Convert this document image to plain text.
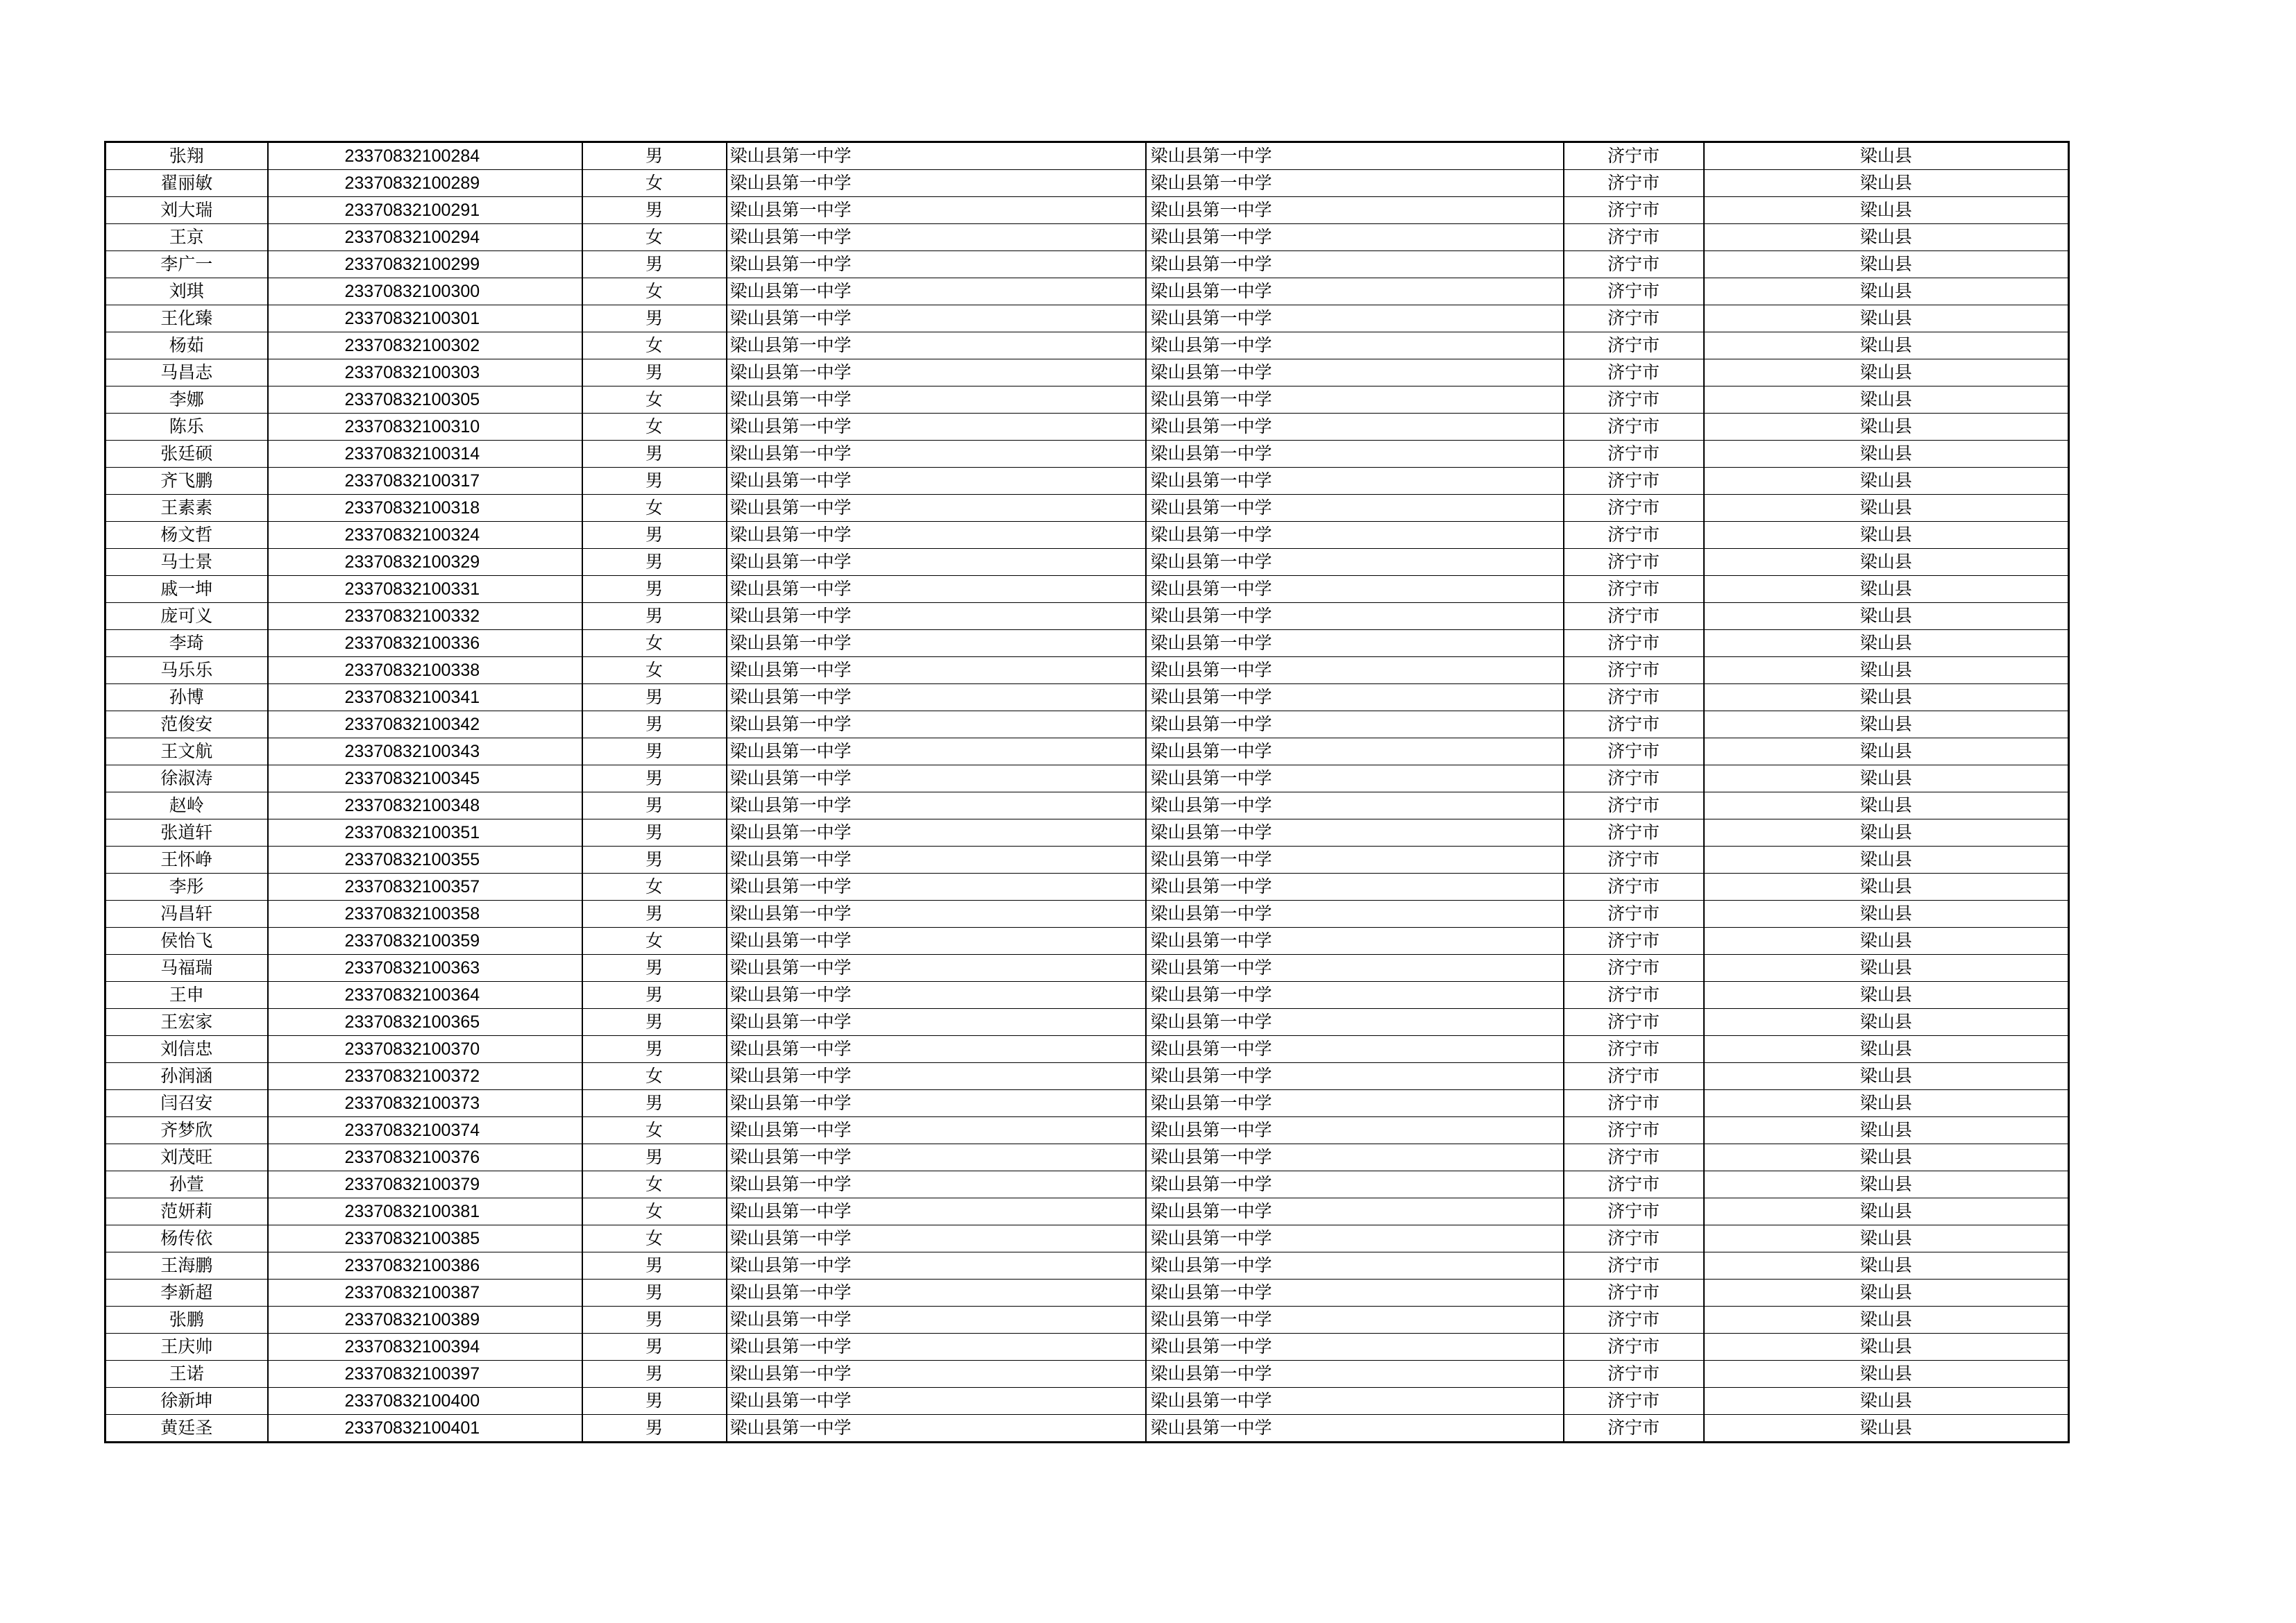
张翔	23370832100284	男	梁山县第一中学	梁山县第一中学	济宁市	梁山县
翟丽敏	23370832100289	女	梁山县第一中学	梁山县第一中学	济宁市	梁山县
刘大瑞	23370832100291	男	梁山县第一中学	梁山县第一中学	济宁市	梁山县
王京	23370832100294	女	梁山县第一中学	梁山县第一中学	济宁市	梁山县
李广一	23370832100299	男	梁山县第一中学	梁山县第一中学	济宁市	梁山县
刘琪	23370832100300	女	梁山县第一中学	梁山县第一中学	济宁市	梁山县
王化臻	23370832100301	男	梁山县第一中学	梁山县第一中学	济宁市	梁山县
杨茹	23370832100302	女	梁山县第一中学	梁山县第一中学	济宁市	梁山县
马昌志	23370832100303	男	梁山县第一中学	梁山县第一中学	济宁市	梁山县
李娜	23370832100305	女	梁山县第一中学	梁山县第一中学	济宁市	梁山县
陈乐	23370832100310	女	梁山县第一中学	梁山县第一中学	济宁市	梁山县
张廷硕	23370832100314	男	梁山县第一中学	梁山县第一中学	济宁市	梁山县
齐飞鹏	23370832100317	男	梁山县第一中学	梁山县第一中学	济宁市	梁山县
王素素	23370832100318	女	梁山县第一中学	梁山县第一中学	济宁市	梁山县
杨文哲	23370832100324	男	梁山县第一中学	梁山县第一中学	济宁市	梁山县
马士景	23370832100329	男	梁山县第一中学	梁山县第一中学	济宁市	梁山县
戚一坤	23370832100331	男	梁山县第一中学	梁山县第一中学	济宁市	梁山县
庞可义	23370832100332	男	梁山县第一中学	梁山县第一中学	济宁市	梁山县
李琦	23370832100336	女	梁山县第一中学	梁山县第一中学	济宁市	梁山县
马乐乐	23370832100338	女	梁山县第一中学	梁山县第一中学	济宁市	梁山县
孙博	23370832100341	男	梁山县第一中学	梁山县第一中学	济宁市	梁山县
范俊安	23370832100342	男	梁山县第一中学	梁山县第一中学	济宁市	梁山县
王文航	23370832100343	男	梁山县第一中学	梁山县第一中学	济宁市	梁山县
徐淑涛	23370832100345	男	梁山县第一中学	梁山县第一中学	济宁市	梁山县
赵岭	23370832100348	男	梁山县第一中学	梁山县第一中学	济宁市	梁山县
张道轩	23370832100351	男	梁山县第一中学	梁山县第一中学	济宁市	梁山县
王怀峥	23370832100355	男	梁山县第一中学	梁山县第一中学	济宁市	梁山县
李彤	23370832100357	女	梁山县第一中学	梁山县第一中学	济宁市	梁山县
冯昌轩	23370832100358	男	梁山县第一中学	梁山县第一中学	济宁市	梁山县
侯怡飞	23370832100359	女	梁山县第一中学	梁山县第一中学	济宁市	梁山县
马福瑞	23370832100363	男	梁山县第一中学	梁山县第一中学	济宁市	梁山县
王申	23370832100364	男	梁山县第一中学	梁山县第一中学	济宁市	梁山县
王宏家	23370832100365	男	梁山县第一中学	梁山县第一中学	济宁市	梁山县
刘信忠	23370832100370	男	梁山县第一中学	梁山县第一中学	济宁市	梁山县
孙润涵	23370832100372	女	梁山县第一中学	梁山县第一中学	济宁市	梁山县
闫召安	23370832100373	男	梁山县第一中学	梁山县第一中学	济宁市	梁山县
齐梦欣	23370832100374	女	梁山县第一中学	梁山县第一中学	济宁市	梁山县
刘茂旺	23370832100376	男	梁山县第一中学	梁山县第一中学	济宁市	梁山县
孙萱	23370832100379	女	梁山县第一中学	梁山县第一中学	济宁市	梁山县
范妍莉	23370832100381	女	梁山县第一中学	梁山县第一中学	济宁市	梁山县
杨传依	23370832100385	女	梁山县第一中学	梁山县第一中学	济宁市	梁山县
王海鹏	23370832100386	男	梁山县第一中学	梁山县第一中学	济宁市	梁山县
李新超	23370832100387	男	梁山县第一中学	梁山县第一中学	济宁市	梁山县
张鹏	23370832100389	男	梁山县第一中学	梁山县第一中学	济宁市	梁山县
王庆帅	23370832100394	男	梁山县第一中学	梁山县第一中学	济宁市	梁山县
王诺	23370832100397	男	梁山县第一中学	梁山县第一中学	济宁市	梁山县
徐新坤	23370832100400	男	梁山县第一中学	梁山县第一中学	济宁市	梁山县
黄廷圣	23370832100401	男	梁山县第一中学	梁山县第一中学	济宁市	梁山县
